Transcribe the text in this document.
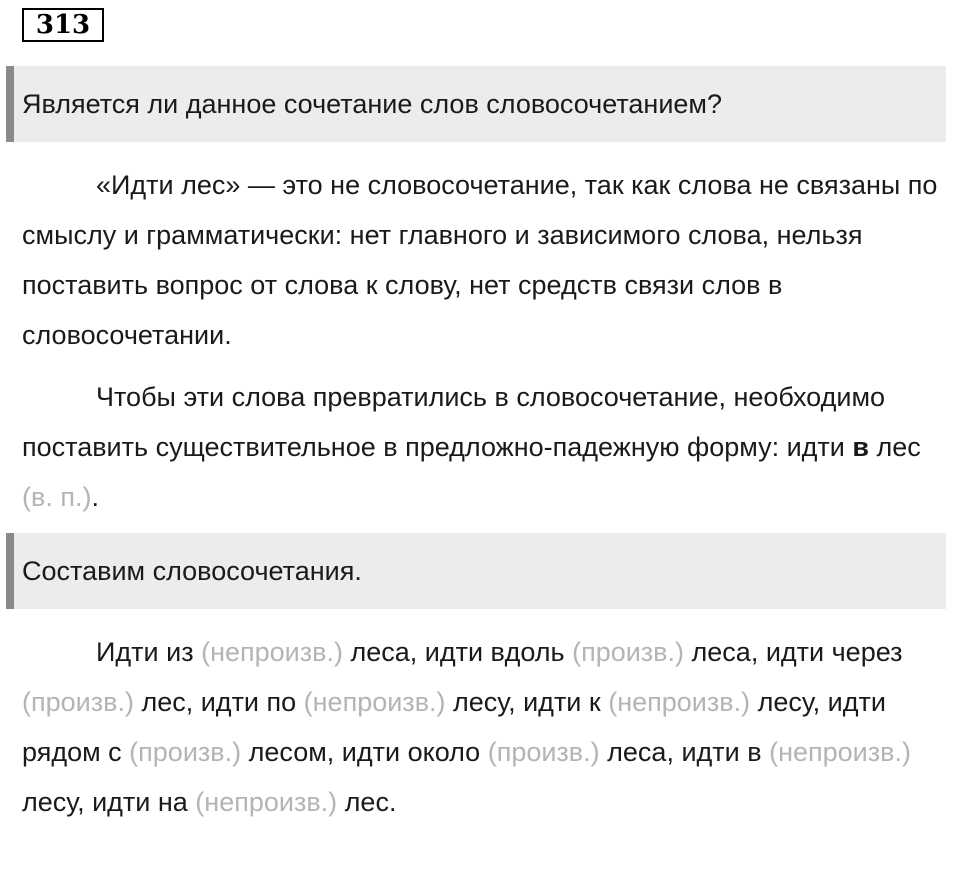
313
Является ли данное сочетание слов словосочетанием?

«Идти лес» — это не словосочетание, так как слова не связаны по смыслу и грамматически: нет главного и зависимого слова, нельзя поставить вопрос от слова к слову, нет средств связи слов в словосочетании.

Чтобы эти слова превратились в словосочетание, необходимо поставить существительное в предложно-падежную форму: идти в лес (в. п.).

Составим словосочетания.

Идти из (непроизв.) леса, идти вдоль (произв.) леса, идти через (произв.) лес, идти по (непроизв.) лесу, идти к (непроизв.) лесу, идти рядом с (произв.) лесом, идти около (произв.) леса, идти в (непроизв.) лесу, идти на (непроизв.) лес.
